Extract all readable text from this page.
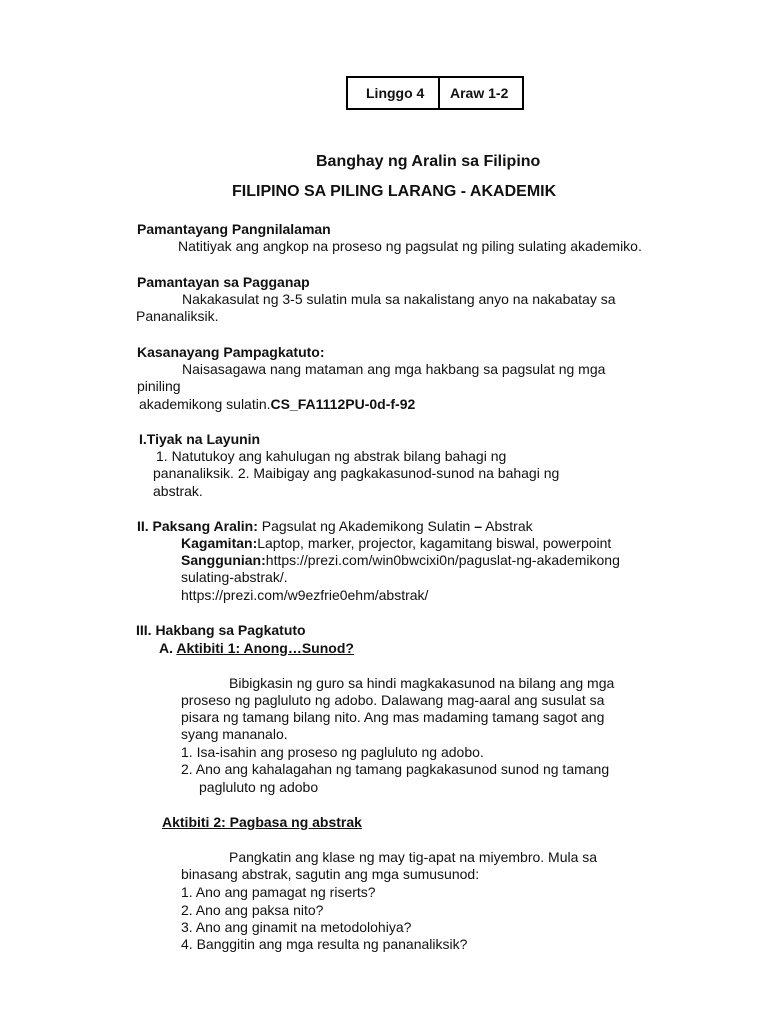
Linggo 4	Araw 1-2
Banghay ng Aralin sa Filipino
FILIPINO SA PILING LARANG - AKADEMIK
Pamantayang Pangnilalaman
Natitiyak ang angkop na proseso ng pagsulat ng piling sulating akademiko.
Pamantayan sa Pagganap
Nakakasulat ng 3-5 sulatin mula sa nakalistang anyo na nakabatay sa
Pananaliksik.
Kasanayang Pampagkatuto:
Naisasagawa nang mataman ang mga hakbang sa pagsulat ng mga
piniling
akademikong sulatin.CS_FA1112PU-0d-f-92
I.Tiyak na Layunin
1. Natutukoy ang kahulugan ng abstrak bilang bahagi ng
pananaliksik. 2. Maibigay ang pagkakasunod-sunod na bahagi ng
abstrak.
II. Paksang Aralin: Pagsulat ng Akademikong Sulatin – Abstrak
Kagamitan:Laptop, marker, projector, kagamitang biswal, powerpoint
Sanggunian:https://prezi.com/win0bwcixi0n/paguslat-ng-akademikong
sulating-abstrak/.
https://prezi.com/w9ezfrie0ehm/abstrak/
III. Hakbang sa Pagkatuto
A. Aktibiti 1: Anong…Sunod?
Bibigkasin ng guro sa hindi magkakasunod na bilang ang mga
proseso ng pagluluto ng adobo. Dalawang mag-aaral ang susulat sa
pisara ng tamang bilang nito. Ang mas madaming tamang sagot ang
syang mananalo.
1. Isa-isahin ang proseso ng pagluluto ng adobo.
2. Ano ang kahalagahan ng tamang pagkakasunod sunod ng tamang
pagluluto ng adobo
Aktibiti 2: Pagbasa ng abstrak
Pangkatin ang klase ng may tig-apat na miyembro. Mula sa
binasang abstrak, sagutin ang mga sumusunod:
1. Ano ang pamagat ng riserts?
2. Ano ang paksa nito?
3. Ano ang ginamit na metodolohiya?
4. Banggitin ang mga resulta ng pananaliksik?
